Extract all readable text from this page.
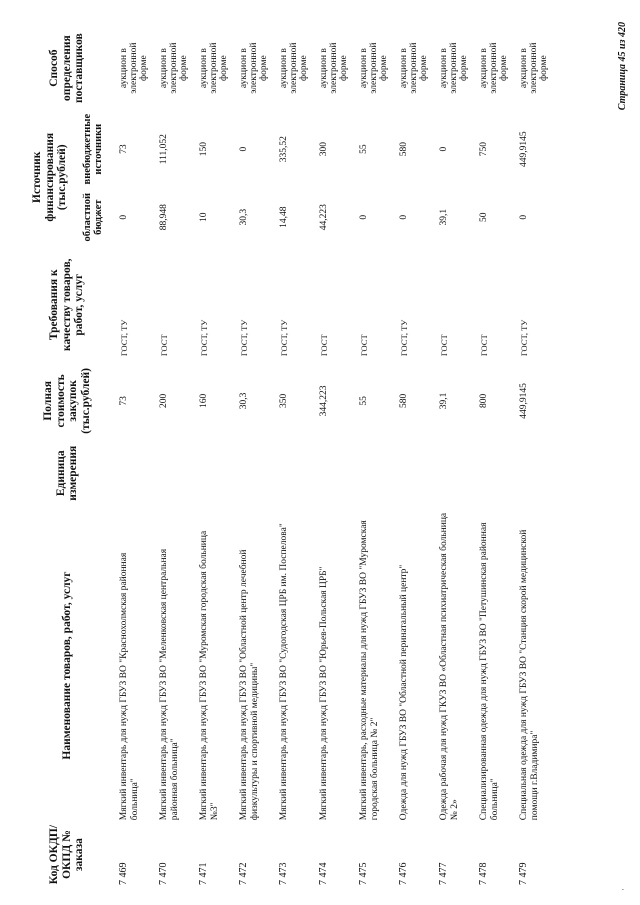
Код ОКДП/ ОКПД № заказа	Наименование товаров, работ, услуг	Единица измерения	Полная стоимость закупок (тыс.рублей)	Требования к качеству товаров, работ, услуг	Источник финансирования (тыс.рублей)		Способ определения поставщиков
					областной бюджет	внебюджетные источники	
7 469	Мягкий инвентарь для нужд ГБУЗ ВО "Краснохолмская районная больница"		73	ГОСТ, ТУ	0	73	аукцион в электронной форме
7 470	Мягкий инвентарь для нужд ГБУЗ ВО "Меленковская центральная районная больница"		200	ГОСТ	88,948	111,052	аукцион в электронной форме
7 471	Мягкий инвентарь для нужд ГБУЗ ВО "Муромская городская больница №3"		160	ГОСТ, ТУ	10	150	аукцион в электронной форме
7 472	Мягкий инвентарь для нужд ГБУЗ ВО "Областной центр лечебной физкультуры и спортивной медицины"		30,3	ГОСТ, ТУ	30,3	0	аукцион в электронной форме
7 473	Мягкий инвентарь для нужд ГБУЗ ВО "Судогодская ЦРБ им. Поспелова"		350	ГОСТ, ТУ	14,48	335,52	аукцион в электронной форме
7 474	Мягкий инвентарь для нужд ГБУЗ ВО "Юрьев-Польская ЦРБ"		344,223	ГОСТ	44,223	300	аукцион в электронной форме
7 475	Мягкий инвентарь, расходные материалы для нужд ГБУЗ ВО "Муромская городская больница № 2"		55	ГОСТ	0	55	аукцион в электронной форме
7 476	Одежда для нужд ГБУЗ ВО "Областной перинатальный центр"		580	ГОСТ, ТУ	0	580	аукцион в электронной форме
7 477	Одежда рабочая для нужд ГКУЗ ВО «Областная психиатрическая больница № 2»		39,1	ГОСТ	39,1	0	аукцион в электронной форме
7 478	Специализированная одежда для нужд ГБУЗ ВО "Петушинская районная больница"		800	ГОСТ	50	750	аукцион в электронной форме
7 479	Специальная одежда для нужд ГБУЗ ВО "Станция скорой медицинской помощи г.Владимира"		449,9145	ГОСТ, ТУ	0	449,9145	аукцион в электронной форме
·
Страница 45 из 420
